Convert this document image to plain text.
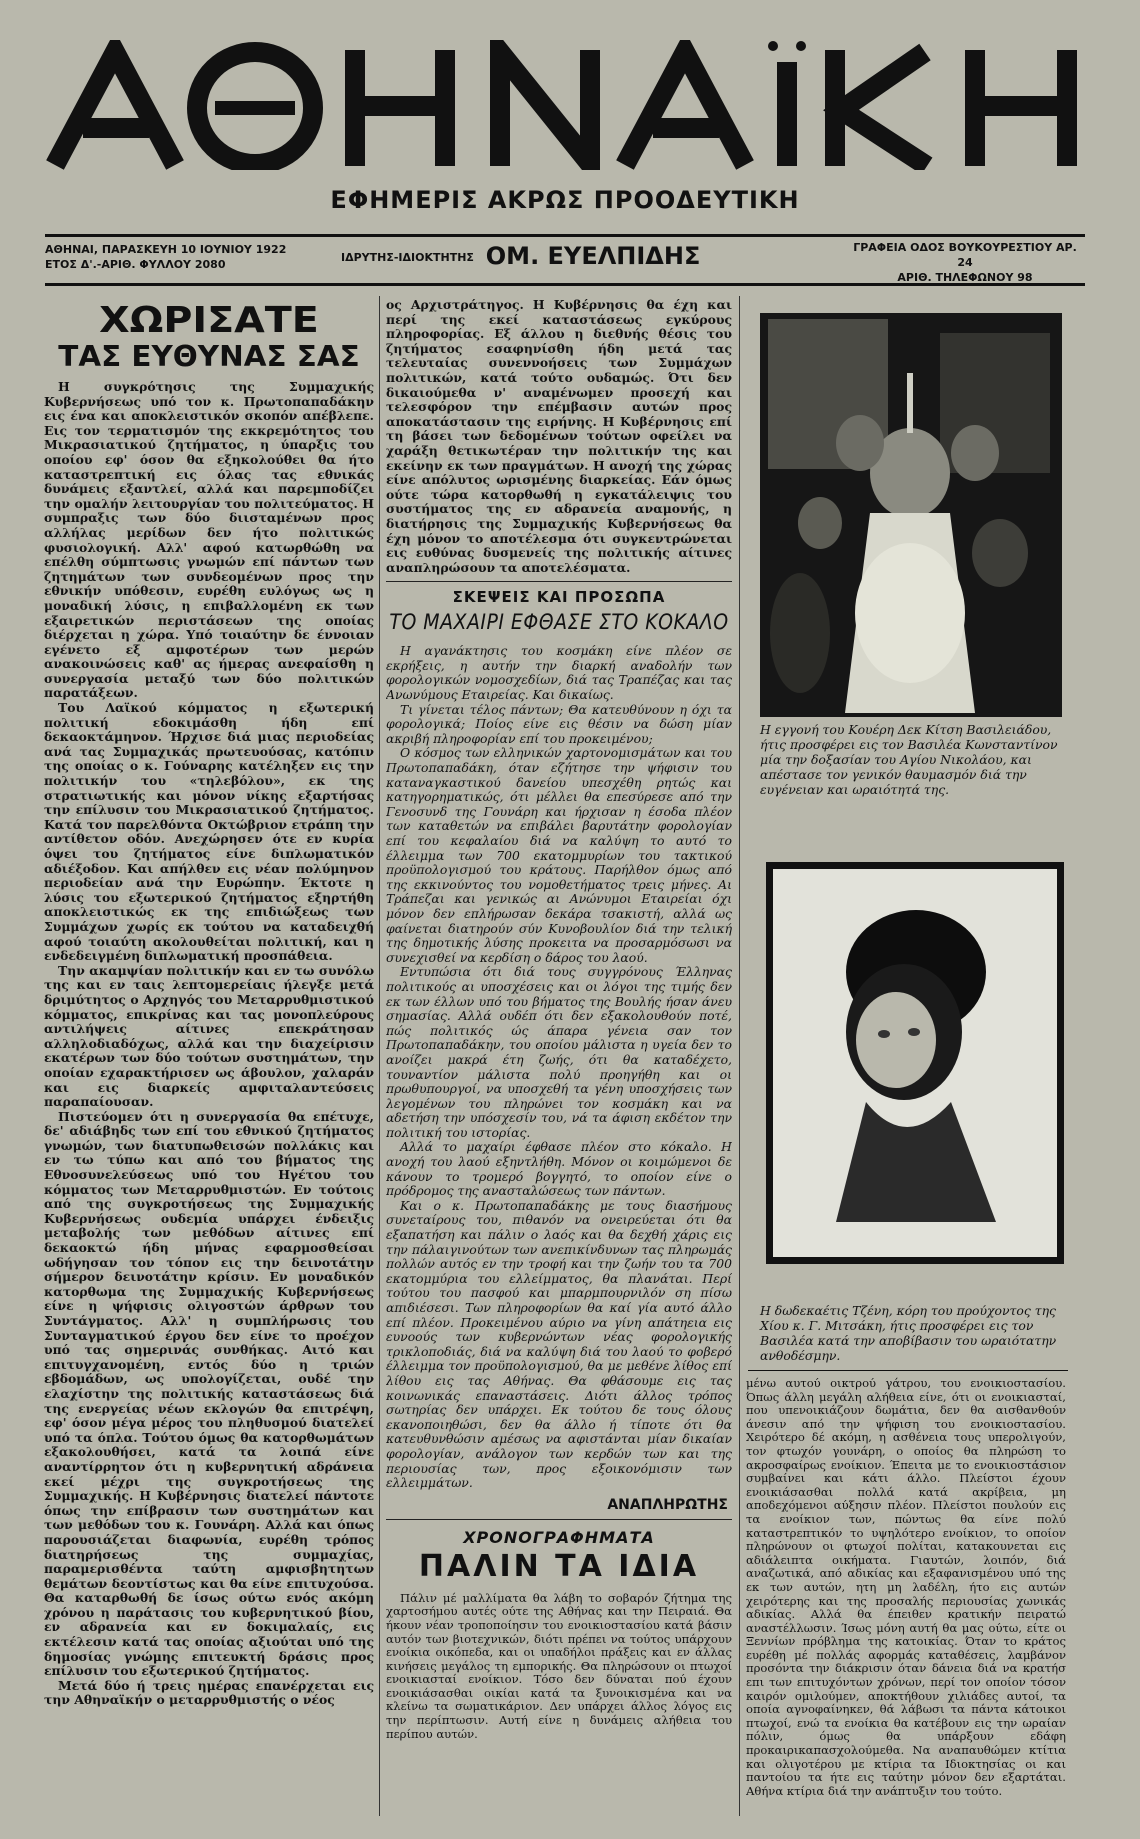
ΕΦΗΜΕΡΙΣ ΑΚΡΩΣ ΠΡΟΟΔΕΥΤΙΚΗ
ΑΘΗΝΑΙ, ΠΑΡΑΣΚΕΥΗ 10 ΙΟΥΝΙΟΥ 1922
ΕΤΟΣ Δ'.-ΑΡΙΘ. ΦΥΛΛΟΥ 2080
ΙΔΡΥΤΗΣ-ΙΔΙΟΚΤΗΤΗΣ ΟΜ. ΕΥΕΛΠΙΔΗΣ	ΓΡΑΦΕΙΑ ΟΔΟΣ ΒΟΥΚΟΥΡΕΣΤΙΟΥ ΑΡ. 24
ΑΡΙΘ. ΤΗΛΕΦΩΝΟΥ 98
ΧΩΡΙΣΑΤΕ
ΤΑΣ ΕΥΘΥΝΑΣ ΣΑΣ

Η συγκρότησις της Συμμαχικής Κυβερνήσεως υπό τον κ. Πρωτοπαπαδάκην εις ένα και αποκλειστικόν σκοπόν απέβλεπε. Εις τον τερματισμόν της εκκρεμότητος του Μικρασιατικού ζητήματος, η ύπαρξις του οποίου εφ' όσον θα εξηκολούθει θα ήτο καταστρεπτική εις όλας τας εθνικάς δυνάμεις εξαντλεί, αλλά και παρεμποδίζει την ομαλήν λειτουργίαν του πολιτεύματος. Η συμπραξις των δύο διισταμένων προς αλλήλας μερίδων δεν ήτο πολιτικώς φυσιολογική. Αλλ' αφού κατωρθώθη να επέλθη σύμπτωσις γνωμών επί πάντων των ζητημάτων των συνδεομένων προς την εθνικήν υπόθεσιν, ευρέθη ευλόγως ως η μοναδική λύσις, η επιβαλλομένη εκ των εξαιρετικών περιστάσεων της οποίας διέρχεται η χώρα. Υπό τοιαύτην δε έννοιαν εγένετο εξ αμφοτέρων των μερών ανακοινώσεις καθ' ας ήμερας ανεφαίσθη η συνεργασία μεταξύ των δύο πολιτικών παρατάξεων.

Του Λαϊκού κόμματος η εξωτερική πολιτική εδοκιμάσθη ήδη επί δεκαοκτάμηνον. Ήρχισε διά μιας περιοδείας ανά τας Συμμαχικάς πρωτευούσας, κατόπιν της οποίας ο κ. Γούναρης κατέληξεν εις την πολιτικήν του «τηλεβόλου», εκ της στρατιωτικής και μόνον νίκης εξαρτήσας την επίλυσιν του Μικρασιατικού ζητήματος. Κατά τον παρελθόντα Οκτώβριον ετράπη την αντίθετον οδόν. Ανεχώρησεν ότε εν κυρία όψει του ζητήματος είνε διπλωματικόν αδιέξοδον. Και απήλθεν εις νέαν πολύμηνον περιοδείαν ανά την Ευρώπην. Έκτοτε η λύσις του εξωτερικού ζητήματος εξηρτήθη αποκλειστικώς εκ της επιδιώξεως των Συμμάχων χωρίς εκ τούτου να καταδειχθή αφού τοιαύτη ακολουθείται πολιτική, και η ενδεδειγμένη διπλωματική προσπάθεια.

Την ακαμψίαν πολιτικήν και εν τω συνόλω της και εν ταις λεπτομερείαις ήλεγξε μετά δριμύτητος ο Αρχηγός του Μεταρρυθμιστικού κόμματος, επικρίνας και τας μονοπλεύρους αντιλήψεις αίτινες επεκράτησαν αλληλοδιαδόχως, αλλά και την διαχείρισιν εκατέρων των δύο τούτων συστημάτων, την οποίαν εχαρακτήρισεν ως άβουλον, χαλαράν και εις διαρκείς αμφιταλαντεύσεις παραπαίουσαν.

Πιστεύομεν ότι η συνεργασία θα επέτυχε, δε' αδιάβηδς των επί του εθνικού ζητήματος γνωμών, των διατυπωθεισών πολλάκις και εν τω τύπω και από του βήματος της Εθνοσυνελεύσεως υπό του Ηγέτου του κόμματος των Μεταρρυθμιστών. Εν τούτοις από της συγκροτήσεως της Συμμαχικής Κυβερνήσεως ουδεμία υπάρχει ένδειξις μεταβολής των μεθόδων αίτινες επί δεκαοκτώ ήδη μήνας εφαρμοσθείσαι ωδήγησαν τον τόπον εις την δεινοτάτην σήμερον δεινοτάτην κρίσιν. Εν μοναδικόν κατορθωμα της Συμμαχικής Κυβερνήσεως είνε η ψήφισις ολιγοστών άρθρων του Συντάγματος. Αλλ' η συμπλήρωσις του Συνταγματικού έργου δεν είνε το προέχον υπό τας σημερινάς συνθήκας. Αιτό και επιτυγχανομένη, εντός δύο η τριών εβδομάδων, ως υπολογίζεται, ουδέ την ελαχίστην της πολιτικής καταστάσεως διά της ενεργείας νέων εκλογών θα επιτρέψη, εφ' όσον μέγα μέρος του πληθυσμού διατελεί υπό τα όπλα. Τούτου όμως θα κατορθωμάτων εξακολουθήσει, κατά τα λοιπά είνε αναντίρρητον ότι η κυβερνητική αδράνεια εκεί μέχρι της συγκροτήσεως της Συμμαχικής. Η Κυβέρνησις διατελεί πάντοτε όπως την επίβρασιν των συστημάτων και των μεθόδων του κ. Γουνάρη. Αλλά και όπως παρουσιάζεται διαφωνία, ευρέθη τρόπος διατηρήσεως της συμμαχίας, παραμερισθέντα ταύτη αμφισβητητων θεμάτων δεοντίστως και θα είνε επιτυχούσα. Θα καταρθωθή δε ίσως ούτω ενός ακόμη χρόνου η παράτασις του κυβερνητικού βίου, εν αδρανεία και εν δοκιμαλαίς, εις εκτέλεσιν κατά τας οποίας αξιούται υπό της δημοσίας γνώμης επιτευκτή δράσις προς επίλυσιν του εξωτερικού ζητήματος.

Μετά δύο ή τρεις ημέρας επανέρχεται εις την Αθηναϊκήν ο μεταρρυθμιστής ο νέος

ος Αρχιστράτηγος. Η Κυβέρνησις θα έχη και περί της εκεί καταστάσεως εγκύρους πληροφορίας. Εξ άλλου η διεθνής θέσις του ζητήματος εσαφηνίσθη ήδη μετά τας τελευταίας συνεννοήσεις των Συμμάχων πολιτικών, κατά τούτο ουδαμώς. Ότι δεν δικαιούμεθα ν' αναμένωμεν προσεχή και τελεσφόρον την επέμβασιν αυτών προς αποκατάστασιν της ειρήνης. Η Κυβέρνησις επί τη βάσει των δεδομένων τούτων οφείλει να χαράξη θετικωτέραν την πολιτικήν της και εκείνην εκ των πραγμάτων. Η ανοχή της χώρας είνε απόλυτος ωρισμένης διαρκείας. Εάν όμως ούτε τώρα κατορθωθή η εγκατάλειψις του συστήματος της εν αδρανεία αναμονής, η διατήρησις της Συμμαχικής Κυβερνήσεως θα έχη μόνον το αποτέλεσμα ότι συγκεντρώνεται εις ευθύνας δυσμενείς της πολιτικής αίτινες αναπληρώσουν τα αποτελέσματα.

ΣΚΕΨΕΙΣ ΚΑΙ ΠΡΟΣΩΠΑ
ΤΟ ΜΑΧΑΙΡΙ ΕΦΘΑΣΕ ΣΤΟ ΚΟΚΑΛΟ

Η αγανάκτησις του κοσμάκη είνε πλέον σε εκρήξεις, η αυτήν την διαρκή αναδολήν των φορολογικών νομοσχεδίων, διά τας Τραπέζας και τας Ανωνύμους Εταιρείας. Και δικαίως.

Τι γίνεται τέλος πάντων; Θα κατευθύνουν η όχι τα φορολογικά; Ποίος είνε εις θέσιν να δώση μίαν ακριβή πληροφορίαν επί του προκειμένου;

Ο κόσμος των ελληνικών χαρτονομισμάτων και του Πρωτοπαπαδάκη, όταν εζήτησε την ψήφισιν του καταναγκαστικού δανείου υπεσχέθη ρητώς και κατηγορηματικώς, ότι μέλλει θα επεσύρεσε από την Γενοσυνδ της Γουνάρη και ήρχισαν η έσοδα πλέον των καταθετών να επιβάλει βαρυτάτην φορολογίαν επί του κεφαλαίου διά να καλύψη το αυτό το έλλειμμα των 700 εκατομμυρίων του τακτικού προϋπολογισμού του κράτους. Παρήλθον όμως από της εκκινούντος του νομοθετήματος τρεις μήνες. Αι Τράπεζαι και γενικώς αι Ανώνυμοι Εταιρείαι όχι μόνον δεν επλήρωσαν δεκάρα τσακιστή, αλλά ως φαίνεται διατηρούν σύν Κυνοβουλίον διά την τελική της δημοτικής λύσης προκειτα να προσαρμόσωσι να συνεχισθεί να κερδίση ο δάρος του λαού.

Εντυπώσια ότι διά τους συγγρόνους Έλληνας πολιτικούς αι υποσχέσεις και οι λόγοι της τιμής δεν εκ των έλλων υπό του βήματος της Βουλής ήσαν άνευ σημασίας. Αλλά ουδέπ ότι δεν εξακολουθούν ποτέ, πώς πολιτικός ώς άπαρα γένεια σαν τον Πρωτοπαπαδάκην, του οποίου μάλιστα η υγεία δεν το ανοίζει μακρά έτη ζωής, ότι θα καταδέχετο, τουναντίον μάλιστα πολύ προηγήθη και οι πρωθυπουργοί, να υποσχεθή τα γένη υποσχήσεις των λεγομένων του πληρώνει τον κοσμάκη και να αδετήση την υπόσχεσίν του, νά τα άφιση εκδέτον την πολιτική του ιστορίας.

Αλλά το μαχαίρι έφθασε πλέον στο κόκαλο. Η ανοχή του λαού εξηντλήθη. Μόνον οι κοιμώμενοι δε κάνουν το τρομερό βογγητό, το οποίον είνε ο πρόδρομος της ανασταλώσεως των πάντων.

Και ο κ. Πρωτοπαπαδάκης με τους διασήμους συνεταίρους του, πιθανόν να ονειρεύεται ότι θα εξαπατήση και πάλιν ο λαός και θα δεχθή χάρις εις την πάλαιγινούτων των ανεπικίνδυνων τας πληρωμάς πολλών αυτός εν την τροφή και την ζωήν του τα 700 εκατομμύρια του ελλείμματος, θα πλανάται. Περί τούτου του πασφού και μπαρμπουρνιλόν ση πίσω απιδιέσεσι. Των πληροφορίων θα καί γία αυτό άλλο επί πλέον. Προκειμένου αύριο να γίνη απάτηεια εις ευνοούς των κυβερνώντων νέας φορολογικής τρικλοποδιάς, διά να καλύψη διά του λαού το φοβερό έλλειμμα τον προϋπολογισμού, θα με μεθένε λίθος επί λίθου εις τας Αθήνας. Θα φθάσουμε εις τας κοινωνικάς επαναστάσεις. Διότι άλλος τρόπος σωτηρίας δεν υπάρχει. Εκ τούτου δε τους όλους εκανοποιηθώσι, δεν θα άλλο ή τίποτε ότι θα κατευθυνθώσιν αμέσως να αφιστάνται μίαν δικαίαν φορολογίαν, ανάλογον των κερδών των και της περιουσίας των, προς εξοικονόμισιν των ελλειμμάτων.

ΑΝΑΠΛΗΡΩΤΗΣ
ΧΡΟΝΟΓΡΑΦΗΜΑΤΑ
ΠΑΛΙΝ ΤΑ ΙΔΙΑ

Πάλιν μέ μαλλίματα θα λάβη το σοβαρόν ζήτημα της χαρτοσήμου αυτές ούτε της Αθήνας και την Πειραιά. Θα ήκουν νέαν τροποποίησιν του ενοικιοστασίου κατά βάσιν αυτόν των βιοτεχνικών, διότι πρέπει να τούτος υπάρχουν ενοίκια οικόπεδα, και οι υπαδήλοι πράξεις και εν άλλας κινήσεις μεγάλος τη εμπορικής. Θα πληρώσουν οι πτωχοί ενοικιασταί ενοίκιον. Τόσο δεν δύναται πού έχουν ενοικιάσασθαι οικίαι κατά τα ξυνοικισμένα και να κλείνω τα σωματικάριον. Δεν υπάρχει άλλος λόγος εις την περίπτωσιν. Αυτή είνε η δυνάμεις αλήθεια του περίπου αυτών.

Η εγγονή του Κουέρη Δεκ Κίτση Βασιλειάδου, ήτις προσφέρει εις τον Βασιλέα Κωνσταντίνον μία την δοξασίαν του Αγίου Νικολάου, και απέστασε τον γενικόν θαυμασμόν διά την ευγένειαν και ωραιότητά της.
Η δωδεκαέτις Τζένη, κόρη του προύχοντος της Χίου κ. Γ. Μιτσάκη, ήτις προσφέρει εις τον Βασιλέα κατά την αποβίβασιν του ωραιότατην ανθοδέσμην.

μένω αυτού οικτρού γάτρου, του ενοικιοστασίου. Όπως άλλη μεγάλη αλήθεια είνε, ότι οι ενοικιασταί, που υπενοικιάζουν δωμάτια, δεν θα αισθανθούν άνεσιν από την ψήφιση του ενοικιοστασίου. Χειρότερο δέ ακόμη, η ασθένεια τους υπερολιγούν, τον φτωχόν γουνάρη, ο οποίος θα πληρώση το ακροσφαίρως ενοίκιον. Έπειτα με το ενοικιοστάσιον συμβαίνει και κάτι άλλο. Πλείστοι έχουν ενοικιάσασθαι πολλά κατά ακρίβεια, μη αποδεχόμενοι αύξησιν πλέον. Πλείστοι πουλούν εις τα ενοίκιον των, πώντως θα είνε πολύ καταστρεπτικόν το υψηλότερο ενοίκιον, το οποίον πληρώνουν οι φτωχοί πολίται, κατακουνεται εις αδιάλειπτα οικήματα. Γιαυτών, λοιπόν, διά αναζωτικά, από αδικίας και εξαφανισμένου υπό της εκ των αυτών, ητη μη λαδέλη, ήτο εις αυτών χειρότερης και της προσαλής περιουσίας χωνικάς αδικίας. Αλλά θα έπειθεν κρατικήν πειρατώ αναστέλλωσιν. Ίσως μόνη αυτή θα μας ούτω, είτε οι Ξεννίων πρόβλημα της κατοικίας. Όταν το κράτος ευρέθη μέ πολλάς αφορμάς καταθέσεις, λαμβάνον προσόντα την διάκρισιν όταν δάνεια διά να κρατήσ επι των επιτυχόντων χρόνων, περί τον οποίον τόσον καιρόν ομιλούμεν, αποκτήθουν χιλιάδες αυτοί, τα οποία αγνοφαίνηκεν, θά λάβωσι τα πάντα κάτοικοι πτωχοί, ενώ τα ενοίκια θα κατέβουν εις την ωραίαν πόλιν, όμως θα υπάρξουν εδάφη προκαιρικαπασχολούμεθα. Να αναπαυθώμεν κτίτια και ολιγοτέρου με κτίρια τα Ιδιοκτησίας οι και παντοίου τα ήτε εις ταύτην μόνον δεν εξαρτάται. Αθήνα κτίρια διά την ανάπτυξιν του τούτο.
